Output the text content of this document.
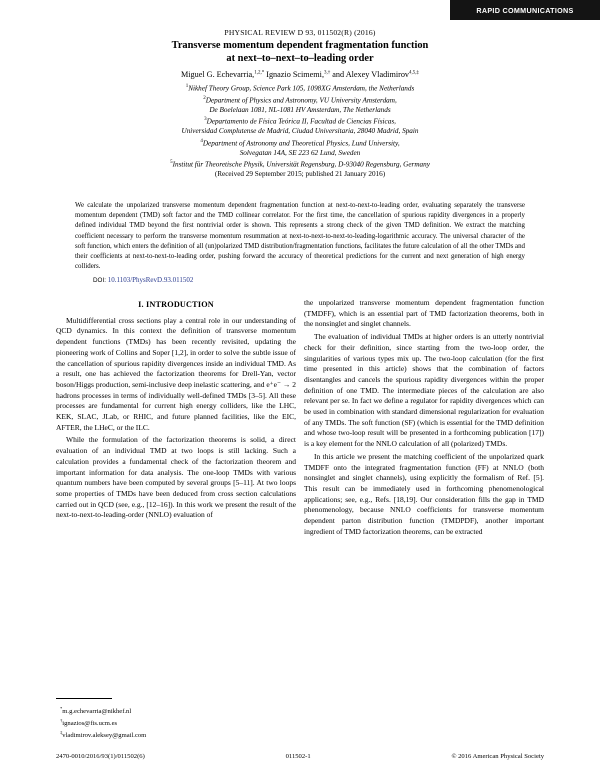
RAPID COMMUNICATIONS
PHYSICAL REVIEW D 93, 011502(R) (2016)
Transverse momentum dependent fragmentation function
at next–to–next–to–leading order
Miguel G. Echevarria,$^{1,2,*}$ Ignazio Scimemi,$^{3,\dagger}$ and Alexey Vladimirov$^{4,5,\ddagger}$
$^1$Nikhef Theory Group, Science Park 105, 1098XG Amsterdam, the Netherlands
$^2$Department of Physics and Astronomy, VU University Amsterdam,
De Boelelaan 1081, NL-1081 HV Amsterdam, The Netherlands
$^3$Departamento de Física Teórica II, Facultad de Ciencias Físicas,
Universidad Complutense de Madrid, Ciudad Universitaria, 28040 Madrid, Spain
$^4$Department of Astronomy and Theoretical Physics, Lund University,
Solvegatan 14A, SE 223 62 Lund, Sweden
$^5$Institut für Theoretische Physik, Universität Regensburg, D-93040 Regensburg, Germany
(Received 29 September 2015; published 21 January 2016)
We calculate the unpolarized transverse momentum dependent fragmentation function at next-to-next-to-leading order, evaluating separately the transverse momentum dependent (TMD) soft factor and the TMD collinear correlator. For the first time, the cancellation of spurious rapidity divergences in a properly defined individual TMD beyond the first nontrivial order is shown. This represents a strong check of the given TMD definition. We extract the matching coefficient necessary to perform the transverse momentum resummation at next-to-next-to-next-to-leading-logarithmic accuracy. The universal character of the soft function, which enters the definition of all (un)polarized TMD distribution/fragmentation functions, facilitates the future calculation of all the other TMDs and their coefficients at next-to-next-to-leading order, pushing forward the accuracy of theoretical predictions for the current and next generation of high energy colliders.
DOI: 10.1103/PhysRevD.93.011502
I. INTRODUCTION

Multidifferential cross sections play a central role in our understanding of QCD dynamics. In this context the definition of transverse momentum dependent functions (TMDs) has been recently revisited, updating the pioneering work of Collins and Soper [1,2], in order to solve the subtle issue of the cancellation of spurious rapidity divergences inside an individual TMD. As a result, one has achieved the factorization theorems for Drell-Yan, vector boson/Higgs production, semi-inclusive deep inelastic scattering, and e⁺e⁻ → 2 hadrons processes in terms of individually well-defined TMDs [3–5]. All these processes are fundamental for current high energy colliders, like the LHC, KEK, SLAC, JLab, or RHIC, and future planned facilities, like the EIC, AFTER, the LHeC, or the ILC.

While the formulation of the factorization theorems is solid, a direct evaluation of an individual TMD at two loops is still lacking. Such a calculation provides a fundamental check of the factorization theorem and important information for data analysis. The one-loop TMDs with various quantum numbers have been computed by several groups [5–11]. At two loops some properties of TMDs have been deduced from cross section calculations carried out in QCD (see, e.g., [12–16]). In this work we present the result of the next-to-next-to-leading-order (NNLO) evaluation of

the unpolarized transverse momentum dependent fragmentation function (TMDFF), which is an essential part of TMD factorization theorems, both in the nonsinglet and singlet channels.

The evaluation of individual TMDs at higher orders is an utterly nontrivial check for their definition, since starting from the two-loop order, the singularities of various types mix up. The two-loop calculation (for the first time presented in this article) shows that the combination of factors disentangles and cancels the spurious rapidity divergences within the proper definition of one TMD. The intermediate pieces of the calculation are also relevant per se. In fact we define a regulator for rapidity divergences which can be used in combination with standard dimensional regularization for evaluation of any TMDs. The soft function (SF) (which is essential for the TMD definition and whose two-loop result will be presented in a forthcoming publication [17]) is a key element for the NNLO calculation of all (polarized) TMDs.

In this article we present the matching coefficient of the unpolarized quark TMDFF onto the integrated fragmentation function (FF) at NNLO (both nonsinglet and singlet channels), using explicitly the formalism of Ref. [5]. This result can be immediately used in forthcoming phenomenological applications; see, e.g., Refs. [18,19]. Our consideration fills the gap in TMD phenomenology, because NNLO coefficients for transverse momentum dependent parton distribution function (TMDPDF), another important ingredient of TMD factorization theorems, can be extracted

*m.g.echevarria@nikhef.nl
†ignazios@fis.ucm.es
‡vladimirov.aleksey@gmail.com
2470-0010/2016/93(1)/011502(6)	011502-1	© 2016 American Physical Society
